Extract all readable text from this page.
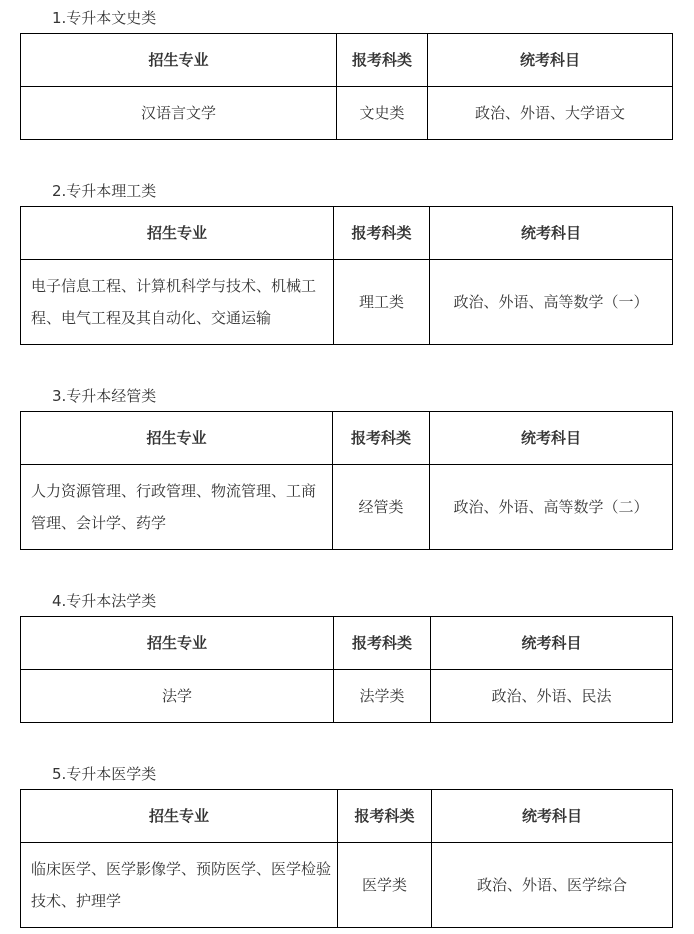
1.专升本文史类
招生专业	报考科类	统考科目
汉语言文学	文史类	政治、外语、大学语文
2.专升本理工类
招生专业	报考科类	统考科目
电子信息工程、计算机科学与技术、机械工程、电气工程及其自动化、交通运输	理工类	政治、外语、高等数学（一）
3.专升本经管类
招生专业	报考科类	统考科目
人力资源管理、行政管理、物流管理、工商管理、会计学、药学	经管类	政治、外语、高等数学（二）
4.专升本法学类
招生专业	报考科类	统考科目
法学	法学类	政治、外语、民法
5.专升本医学类
招生专业	报考科类	统考科目
临床医学、医学影像学、预防医学、医学检验技术、护理学	医学类	政治、外语、医学综合
